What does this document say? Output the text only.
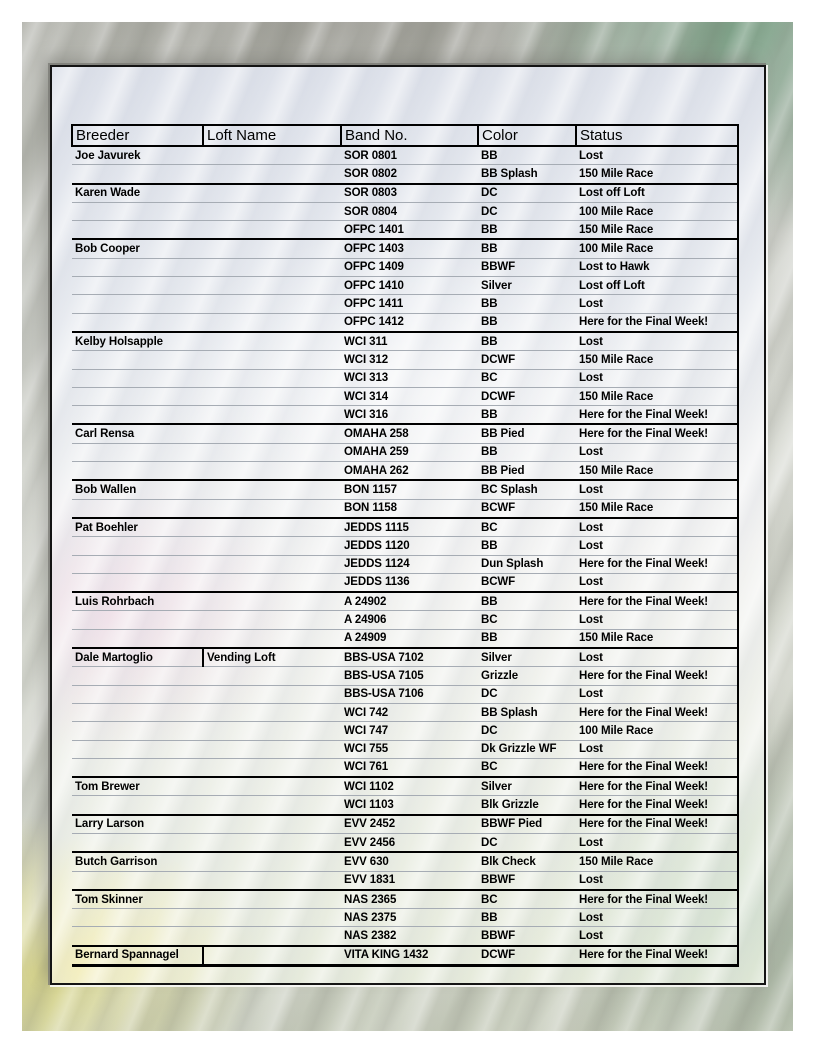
Breeder	Loft Name	Band No.	Color	Status
Joe Javurek		SOR 0801	BB	Lost
		SOR 0802	BB Splash	150 Mile Race
Karen Wade		SOR 0803	DC	Lost off Loft
		SOR 0804	DC	100 Mile Race
		OFPC 1401	BB	150 Mile Race
Bob Cooper		OFPC 1403	BB	100 Mile Race
		OFPC 1409	BBWF	Lost to Hawk
		OFPC 1410	Silver	Lost off Loft
		OFPC 1411	BB	Lost
		OFPC 1412	BB	Here for the Final Week!
Kelby Holsapple		WCI 311	BB	Lost
		WCI 312	DCWF	150 Mile Race
		WCI 313	BC	Lost
		WCI 314	DCWF	150 Mile Race
		WCI 316	BB	Here for the Final Week!
Carl Rensa		OMAHA 258	BB Pied	Here for the Final Week!
		OMAHA 259	BB	Lost
		OMAHA 262	BB Pied	150 Mile Race
Bob Wallen		BON 1157	BC Splash	Lost
		BON 1158	BCWF	150 Mile Race
Pat Boehler		JEDDS 1115	BC	Lost
		JEDDS 1120	BB	Lost
		JEDDS 1124	Dun Splash	Here for the Final Week!
		JEDDS 1136	BCWF	Lost
Luis Rohrbach		A 24902	BB	Here for the Final Week!
		A 24906	BC	Lost
		A 24909	BB	150 Mile Race
Dale Martoglio	Vending Loft	BBS-USA 7102	Silver	Lost
		BBS-USA 7105	Grizzle	Here for the Final Week!
		BBS-USA 7106	DC	Lost
		WCI 742	BB Splash	Here for the Final Week!
		WCI 747	DC	100 Mile Race
		WCI 755	Dk Grizzle WF	Lost
		WCI 761	BC	Here for the Final Week!
Tom Brewer		WCI 1102	Silver	Here for the Final Week!
		WCI 1103	Blk Grizzle	Here for the Final Week!
Larry Larson		EVV 2452	BBWF Pied	Here for the Final Week!
		EVV 2456	DC	Lost
Butch Garrison		EVV 630	Blk Check	150 Mile Race
		EVV 1831	BBWF	Lost
Tom Skinner		NAS 2365	BC	Here for the Final Week!
		NAS 2375	BB	Lost
		NAS 2382	BBWF	Lost
Bernard Spannagel		VITA KING 1432	DCWF	Here for the Final Week!
